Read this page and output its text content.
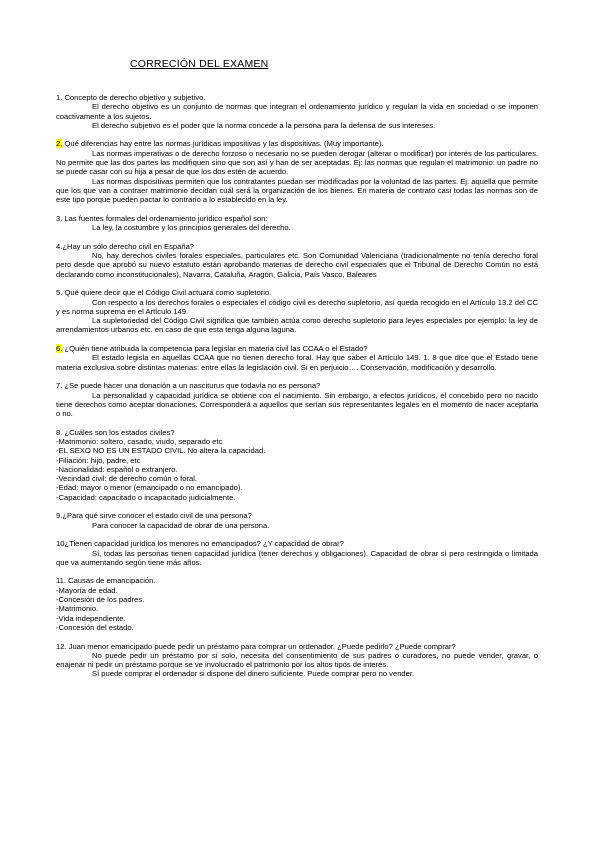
CORRECIÓN DEL EXAMEN
1. Concepto de derecho objetivo y subjetivo.

El derecho objetivo es un conjunto de normas que integran el ordenamiento jurídico y regulan la vida en sociedad o se imponen coactivamente a los sujetos.

El derecho subjetivo es el poder que la norma concede a la persona para la defensa de sus intereses.

2. Qué diferencias hay entre las normas jurídicas impositivas y las dispositivas. (Muy importante).

Las normas imperativas o de derecho forzoso o necesario no se pueden derogar (alterar o modificar) por interés de los particulares. No permite que las dos partes las modifiquen sino que son así y han de ser aceptadas. Ej: las normas que regulan el matrimonio: un padre no se puede casar con su hija a pesar de que los dos estén de acuerdo.

Las normas dispositivas permiten que los contratantes puedan ser modificadas por la voluntad de las partes. Ej: aquella que permite que los que van a contraer matrimonio decidan cuál será la organización de los bienes. En materia de contrato casi todas las normas son de este tipo porque pueden pactar lo contrario a lo establecido en la ley.

3. Las fuentes formales del ordenamiento jurídico español son:

La ley, la costumbre y los principios generales del derecho.

4.¿Hay un sólo derecho civil en España?

No, hay derechos civiles forales especiales, particulares etc. Son Comunidad Valenciana (tradicionalmente no tenía derecho foral pero desde que aprobó su nuevo estatuto están aprobando materias de derecho civil especiales que el Tribunal de Derecho Común no está declarando como inconstitucionales), Navarra, Cataluña, Aragón, Galicia, País Vasco, Baleares

5. Qué quiere decir que el Código Civil actuará como supletorio.

Con respecto a los derechos forales o especiales el código civil es derecho supletorio, así queda recogido en el Artículo 13.2 del CC y es norma suprema en el Artículo 149.

La supletoriedad del Código Civil significa que también actúa como derecho supletorio para leyes especiales por ejemplo: la ley de arrendamientos urbanos etc. en caso de que esta tenga alguna laguna.

6. ¿Quién tiene atribuida la competencia para legislar en materia civil las CCAA o el Estado?

El estado legisla en aquellas CCAA que no tienen derecho foral. Hay que saber el Artículo 149. 1. 8 que dice que el Estado tiene materia exclusiva sobre distintas materias: entre ellas la legislación civil. Si en perjuicio…. Conservación, modificación y desarrollo.

7. ¿Se puede hacer una donación a un nasciturus que todavía no es persona?

La personalidad y capacidad jurídica se obtiene con el nacimiento. Sin embargo, a efectos jurídicos, el concebido pero no nacido tiene derechos como aceptar donaciones. Corresponderá a aquellos que serían sus representantes legales en el momento de nacer aceptarla o no.

8. ¿Cuáles son los estados civiles?
-Matrimonio: soltero, casado, viudo, separado etc
-EL SEXO NO ES UN ESTADO CIVIL. No altera la capacidad.
-Filiación: hijo, padre, etc
-Nacionalidad: español o extranjero.
-Vecindad civil: de derecho común o foral.
-Edad: mayor o menor (emancipado o no emancipado).
-Capacidad: capacitado o incapacitado judicialmente.
9.¿Para qué sirve conocer el estado civil de una persona?

Para conocer la capacidad de obrar de una persona.

10¿Tienen capacidad jurídica los menores no emancipados? ¿Y capacidad de obrar?

Sí, todas las personas tienen capacidad jurídica (tener derechos y obligaciones). Capacidad de obrar sí pero restringida o limitada que va aumentando según tiene más años.

11. Causas de emancipación.
-Mayoría de edad.
-Concesión de los padres.
-Matrimonio.
-Vida independiente.
-Concesión del estado.
12. Juan menor emancipado puede pedir un préstamo para comprar un ordenador. ¿Puede pedirlo? ¿Puede comprar?

No puede pedir un préstamo por sí solo, necesita del consentimiento de sus padres o curadores, no puede vender, gravar, o enajenar ni pedir un préstamo porque se ve involucrado el patrimonio por los altos tipos de interés.

Sí puede comprar el ordenador si dispone del dinero suficiente. Puede comprar pero no vender.
